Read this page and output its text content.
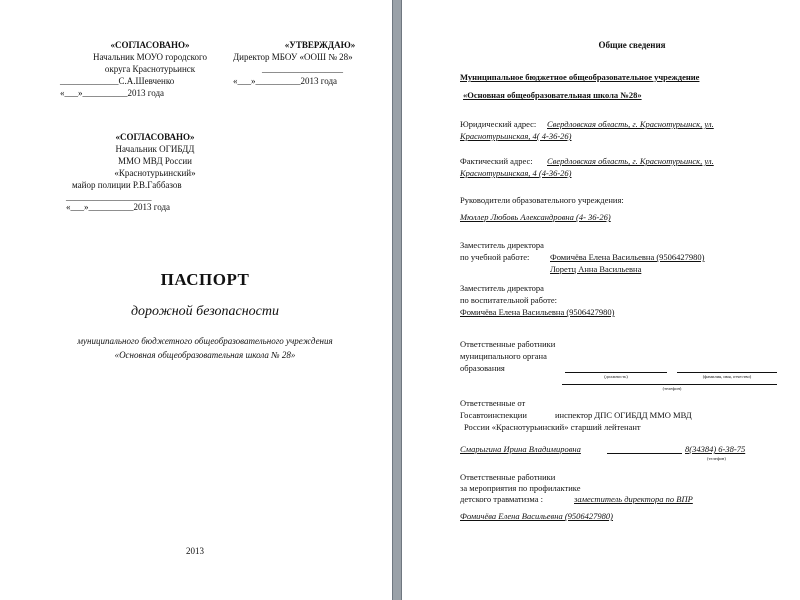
«СОГЛАСОВАНО»
Начальник МОУО городского
округа Краснотурьинск
_____________С.А.Шевченко
«___»__________2013 года
«УТВЕРЖДАЮ»
Директор МБОУ «ООШ № 28»
__________________
«___»__________2013 года
«СОГЛАСОВАНО»
Начальник ОГИБДД
ММО МВД России
«Краснотурьинский»
майор полиции Р.В.Габбазов
___________________
«___»__________2013 года
ПАСПОРТ
дорожной безопасности
муниципального бюджетного общеобразовательного учреждения
«Основная общеобразовательная школа № 28»
2013
Общие сведения
Муниципальное бюджетное общеобразовательное учреждение
«Основная общеобразовательная школа №28»
Юридический адрес: Свердловская область, г. Краснотурьинск, ул.
Краснотурьинская, 4( 4-36-26)
Фактический адрес: Свердловская область, г. Краснотурьинск, ул.
Краснотурьинская, 4 (4-36-26)
Руководители образовательного учреждения:
Мюллер Любовь Александровна (4- 36-26)
Заместитель директора
по учебной работе: Фомичёва Елена Васильевна (9506427980)
Лоретц Анна Васильевна
Заместитель директора
по воспитательной работе:
Фомичёва Елена Васильевна (9506427980)
Ответственные работники
муниципального органа
образования
(должность)	(фамилия, имя, отчество)
(телефон)
Ответственные от
Госавтоинспекции	инспектор ДПС ОГИБДД ММО МВД
России «Краснотурьинский» старший лейтенант
Смарыгина Ирина Владимировна	8(34384) 6-38-75
(телефон)
Ответственные работники
за мероприятия по профилактике
детского травматизма :	заместитель директора по ВПР
Фомичёва Елена Васильевна (9506427980)
